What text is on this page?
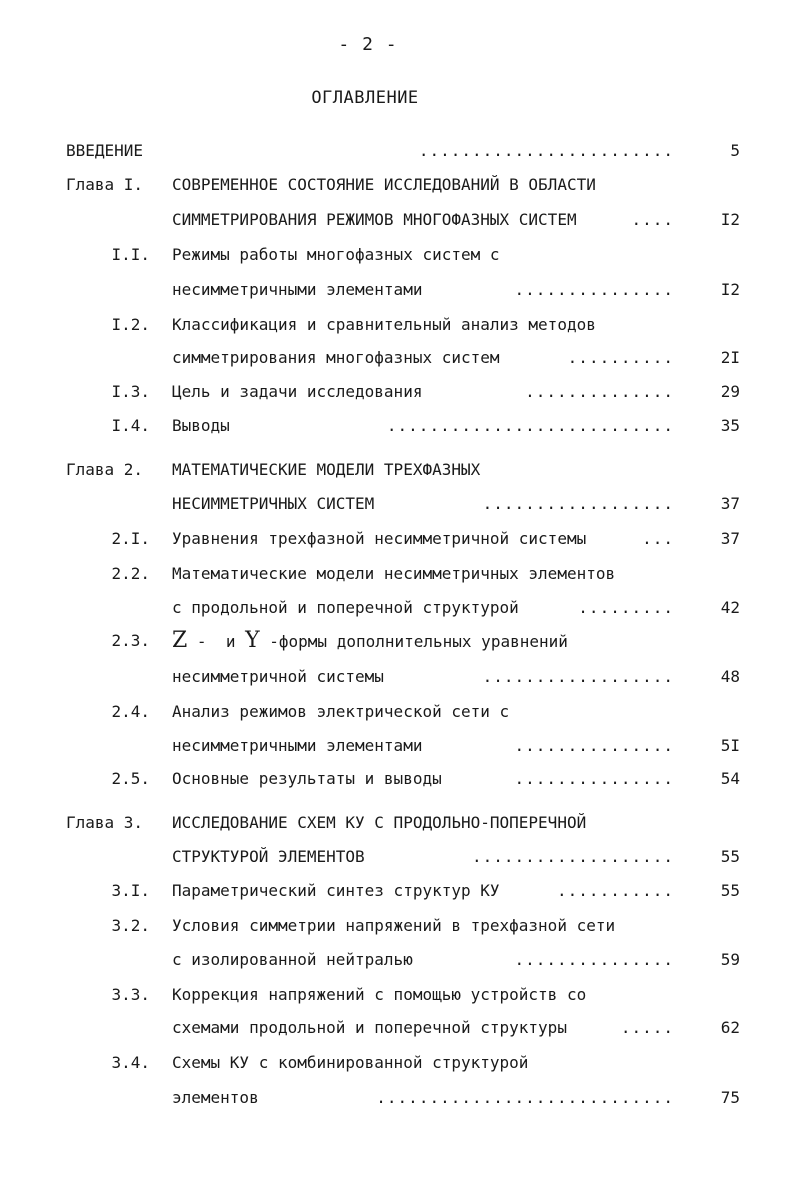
- 2 -
ОГЛАВЛЕНИЕ
ВВЕДЕНИЕ	........................	5
Глава I. СОВРЕМЕННОЕ СОСТОЯНИЕ ИССЛЕДОВАНИЙ В ОБЛАСТИ
СИММЕТРИРОВАНИЯ РЕЖИМОВ МНОГОФАЗНЫХ СИСТЕМ	....	I2
I.I. Режимы работы многофазных систем с
несимметричными элементами	...............	I2
I.2. Классификация и сравнительный анализ методов
симметрирования многофазных систем	..........	2I
I.3. Цель и задачи исследования	..............	29
I.4. Выводы	...........................	35
Глава 2. МАТЕМАТИЧЕСКИЕ МОДЕЛИ ТРЕХФАЗНЫХ
НЕСИММЕТРИЧНЫХ СИСТЕМ	..................	37
2.I. Уравнения трехфазной несимметричной системы	...	37
2.2. Математические модели несимметричных элементов
с продольной и поперечной структурой	.........	42
2.3. Z -  и Y -формы дополнительных уравнений
несимметричной системы	..................	48
2.4. Анализ режимов электрической сети с
несимметричными элементами	...............	5I
2.5. Основные результаты и выводы	...............	54
Глава 3. ИССЛЕДОВАНИЕ СХЕМ КУ С ПРОДОЛЬНО-ПОПЕРЕЧНОЙ
СТРУКТУРОЙ ЭЛЕМЕНТОВ	...................	55
3.I. Параметрический синтез структур КУ	...........	55
3.2. Условия симметрии напряжений в трехфазной сети
с изолированной нейтралью	...............	59
3.3. Коррекция напряжений с помощью устройств со
схемами продольной и поперечной структуры	.....	62
3.4. Схемы КУ с комбинированной структурой
элементов	............................	75
